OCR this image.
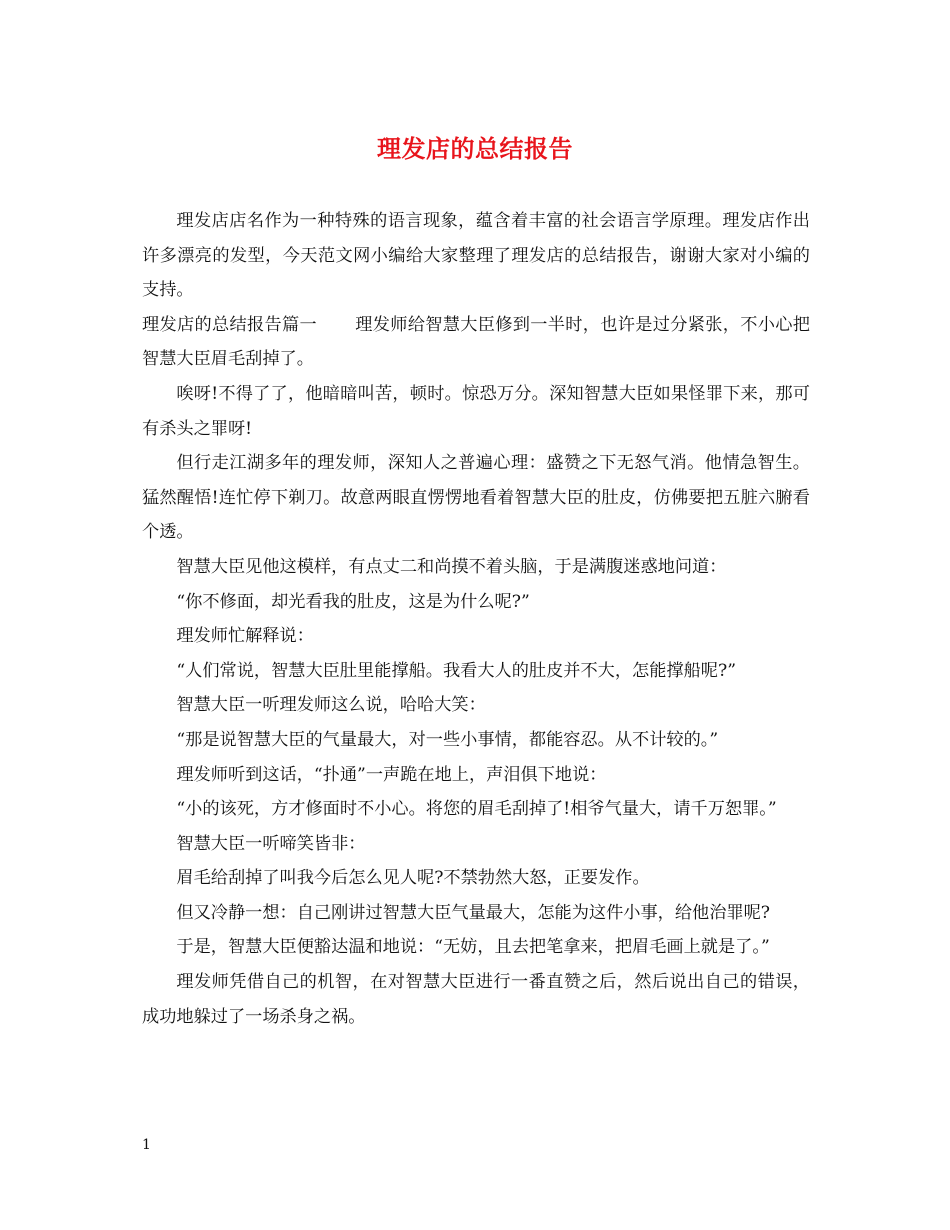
理发店的总结报告

理发店店名作为一种特殊的语言现象，蕴含着丰富的社会语言学原理。理发店作出许多漂亮的发型，今天范文网小编给大家整理了理发店的总结报告，谢谢大家对小编的支持。

理发店的总结报告篇一 理发师给智慧大臣修到一半时，也许是过分紧张，不小心把智慧大臣眉毛刮掉了。

唉呀!不得了了，他暗暗叫苦，顿时。惊恐万分。深知智慧大臣如果怪罪下来，那可有杀头之罪呀!

但行走江湖多年的理发师，深知人之普遍心理：盛赞之下无怒气消。他情急智生。猛然醒悟!连忙停下剃刀。故意两眼直愣愣地看着智慧大臣的肚皮，仿佛要把五脏六腑看个透。

智慧大臣见他这模样，有点丈二和尚摸不着头脑，于是满腹迷惑地问道：

“你不修面，却光看我的肚皮，这是为什么呢?”

理发师忙解释说：

“人们常说，智慧大臣肚里能撑船。我看大人的肚皮并不大，怎能撑船呢?”

智慧大臣一听理发师这么说，哈哈大笑：

“那是说智慧大臣的气量最大，对一些小事情，都能容忍。从不计较的。”

理发师听到这话，“扑通”一声跪在地上，声泪俱下地说：

“小的该死，方才修面时不小心。将您的眉毛刮掉了!相爷气量大，请千万恕罪。”

智慧大臣一听啼笑皆非：

眉毛给刮掉了叫我今后怎么见人呢?不禁勃然大怒，正要发作。

但又冷静一想：自己刚讲过智慧大臣气量最大，怎能为这件小事，给他治罪呢?

于是，智慧大臣便豁达温和地说：“无妨，且去把笔拿来，把眉毛画上就是了。”

理发师凭借自己的机智，在对智慧大臣进行一番直赞之后，然后说出自己的错误，成功地躲过了一场杀身之祸。

1
